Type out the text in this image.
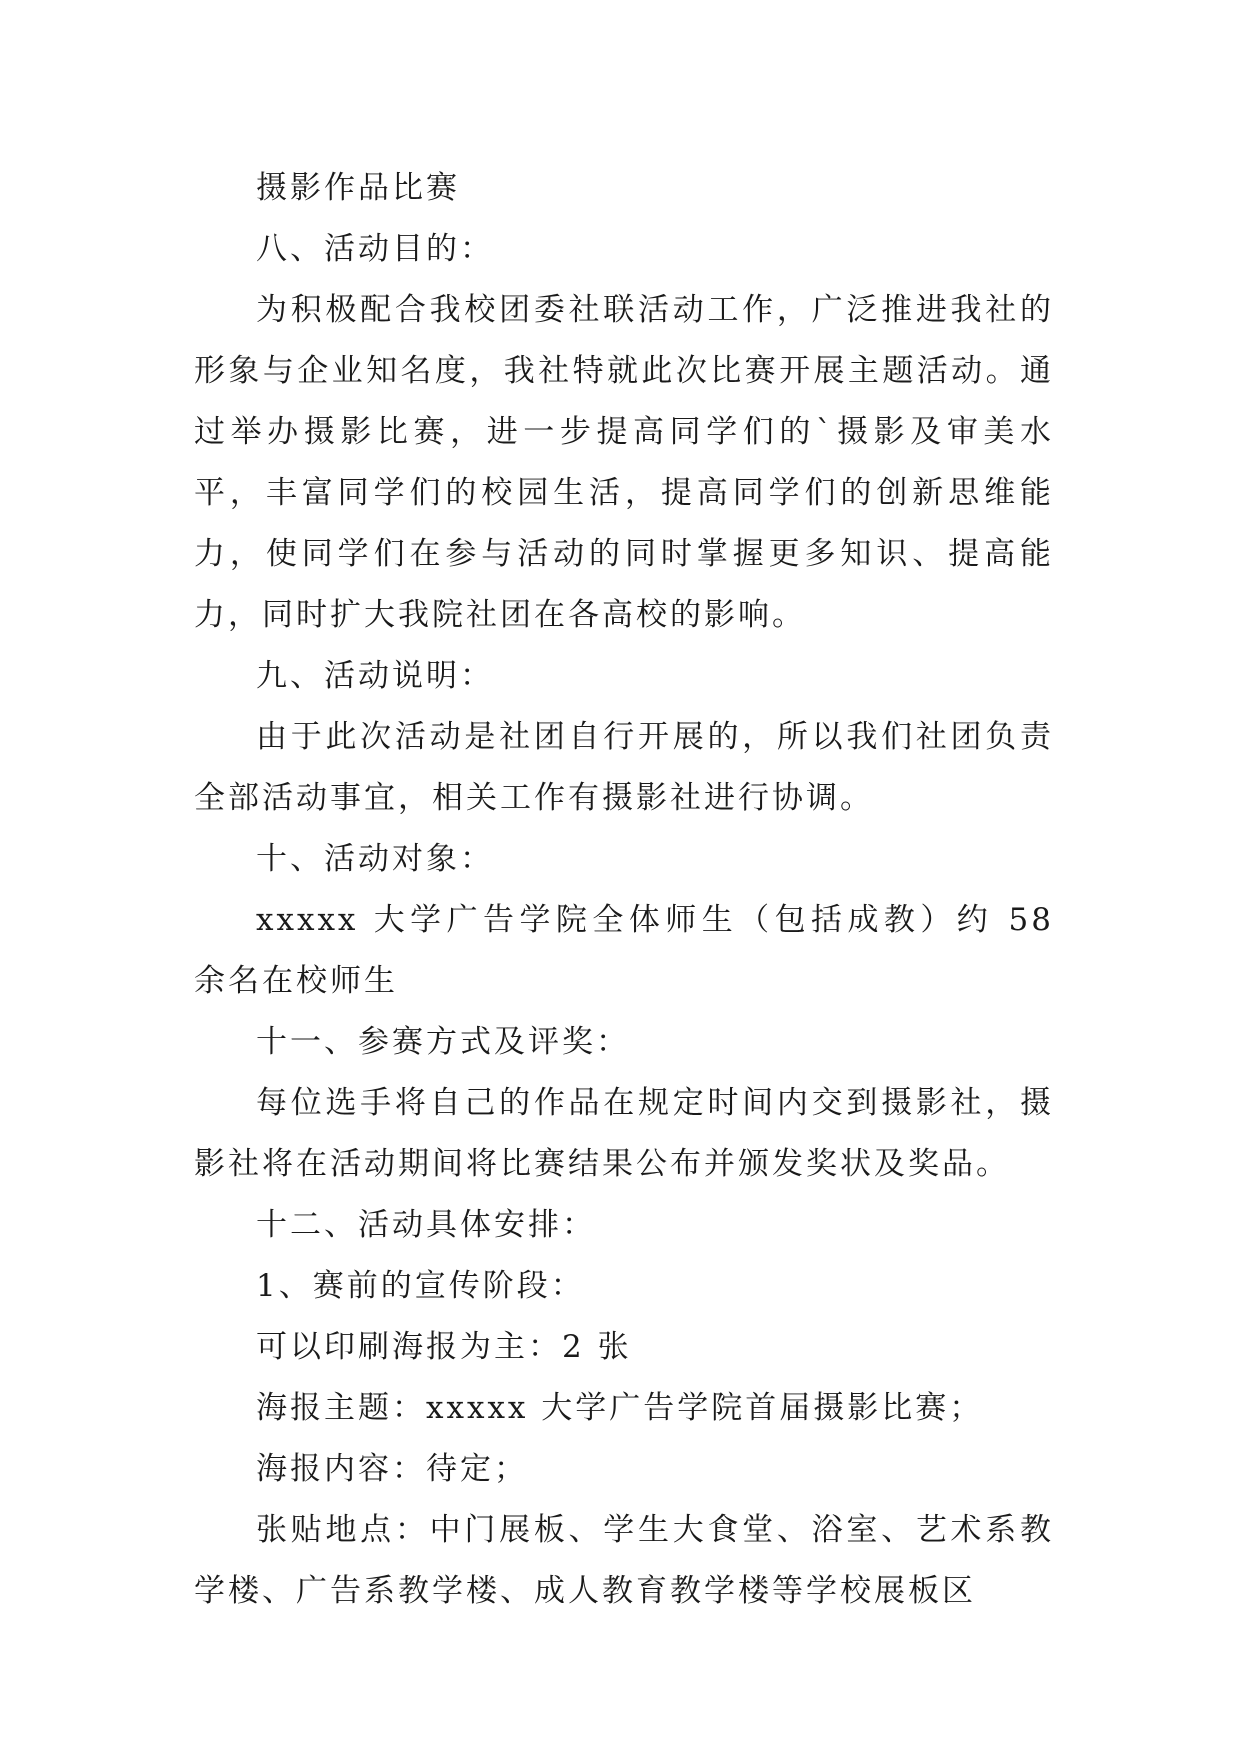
摄影作品比赛

八、活动目的：

为积极配合我校团委社联活动工作，广泛推进我社的形象与企业知名度，我社特就此次比赛开展主题活动。通过举办摄影比赛，进一步提高同学们的`摄影及审美水平，丰富同学们的校园生活，提高同学们的创新思维能力，使同学们在参与活动的同时掌握更多知识、提高能力，同时扩大我院社团在各高校的影响。

九、活动说明：

由于此次活动是社团自行开展的，所以我们社团负责全部活动事宜，相关工作有摄影社进行协调。

十、活动对象：

xxxxx 大学广告学院全体师生（包括成教）约 58 余名在校师生

十一、参赛方式及评奖：

每位选手将自己的作品在规定时间内交到摄影社，摄影社将在活动期间将比赛结果公布并颁发奖状及奖品。

十二、活动具体安排：

1、赛前的宣传阶段：

可以印刷海报为主：2 张

海报主题：xxxxx 大学广告学院首届摄影比赛；

海报内容：待定；

张贴地点：中门展板、学生大食堂、浴室、艺术系教学楼、广告系教学楼、成人教育教学楼等学校展板区
